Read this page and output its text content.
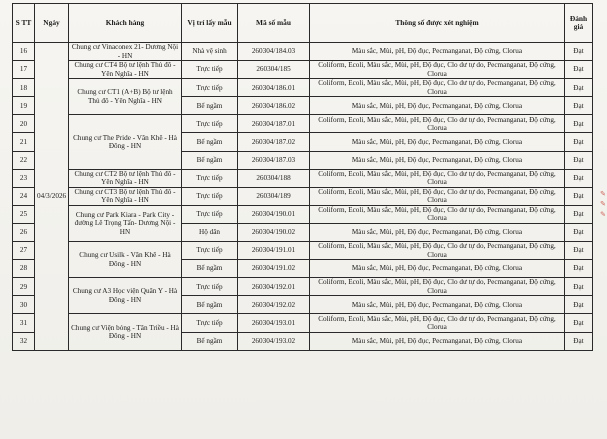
S TT	Ngày	Khách hàng	Vị trí lấy mẫu	Mã số mẫu	Thông số được xét nghiệm	Đánh giá
16	04/3/2026	Chung cư Vinaconex 21- Dương Nội - HN	Nhà vệ sinh	260304/184.03	Màu sắc, Mùi, pH, Độ đục, Pecmanganat, Độ cứng, Clorua	Đạt
17		Chung cư CT4 Bộ tư lệnh Thủ đô - Yên Nghĩa - HN	Trực tiếp	260304/185	Coliform, Ecoli, Màu sắc, Mùi, pH, Độ đục, Clo dư tự do, Pecmanganat, Độ cứng, Clorua	Đạt
18		Chung cư CT1 (A+B) Bộ tư lệnh Thủ đô - Yên Nghĩa - HN	Trực tiếp	260304/186.01	Coliform, Ecoli, Màu sắc, Mùi, pH, Độ đục, Clo dư tự do, Pecmanganat, Độ cứng, Clorua	Đạt
19			Bể ngầm	260304/186.02	Màu sắc, Mùi, pH, Độ đục, Pecmanganat, Độ cứng, Clorua	Đạt
20		Chung cư The Pride - Văn Khê - Hà Đông - HN	Trực tiếp	260304/187.01	Coliform, Ecoli, Màu sắc, Mùi, pH, Độ đục, Clo dư tự do, Pecmanganat, Độ cứng, Clorua	Đạt
21			Bể ngầm	260304/187.02	Màu sắc, Mùi, pH, Độ đục, Pecmanganat, Độ cứng, Clorua	Đạt
22			Bể ngầm	260304/187.03	Màu sắc, Mùi, pH, Độ đục, Pecmanganat, Độ cứng, Clorua	Đạt
23		Chung cư CT2 Bộ tư lệnh Thủ đô - Yên Nghĩa - HN	Trực tiếp	260304/188	Coliform, Ecoli, Màu sắc, Mùi, pH, Độ đục, Clo dư tự do, Pecmanganat, Độ cứng, Clorua	Đạt
24		Chung cư CT3 Bộ tư lệnh Thủ đô - Yên Nghĩa - HN	Trực tiếp	260304/189	Coliform, Ecoli, Màu sắc, Mùi, pH, Độ đục, Clo dư tự do, Pecmanganat, Độ cứng, Clorua	Đạt
25		Chung cư Park Kiara - Park City - đường Lê Trọng Tấn- Dương Nội -HN	Trực tiếp	260304/190.01	Coliform, Ecoli, Màu sắc, Mùi, pH, Độ đục, Clo dư tự do, Pecmanganat, Độ cứng, Clorua	Đạt
26			Hộ dân	260304/190.02	Màu sắc, Mùi, pH, Độ đục, Pecmanganat, Độ cứng, Clorua	Đạt
27		Chung cư Usilk - Văn Khê - Hà Đông - HN	Trực tiếp	260304/191.01	Coliform, Ecoli, Màu sắc, Mùi, pH, Độ đục, Clo dư tự do, Pecmanganat, Độ cứng, Clorua	Đạt
28			Bể ngầm	260304/191.02	Màu sắc, Mùi, pH, Độ đục, Pecmanganat, Độ cứng, Clorua	Đạt
29		Chung cư A3 Học viện Quân Y - Hà Đông - HN	Trực tiếp	260304/192.01	Coliform, Ecoli, Màu sắc, Mùi, pH, Độ đục, Clo dư tự do, Pecmanganat, Độ cứng, Clorua	Đạt
30			Bể ngầm	260304/192.02	Màu sắc, Mùi, pH, Độ đục, Pecmanganat, Độ cứng, Clorua	Đạt
31		Chung cư Viện bỏng - Tân Triều - Hà Đông - HN	Trực tiếp	260304/193.01	Coliform, Ecoli, Màu sắc, Mùi, pH, Độ đục, Clo dư tự do, Pecmanganat, Độ cứng, Clorua	Đạt
32			Bể ngầm	260304/193.02	Màu sắc, Mùi, pH, Độ đục, Pecmanganat, Độ cứng, Clorua	Đạt
✎ ✎ ✎
